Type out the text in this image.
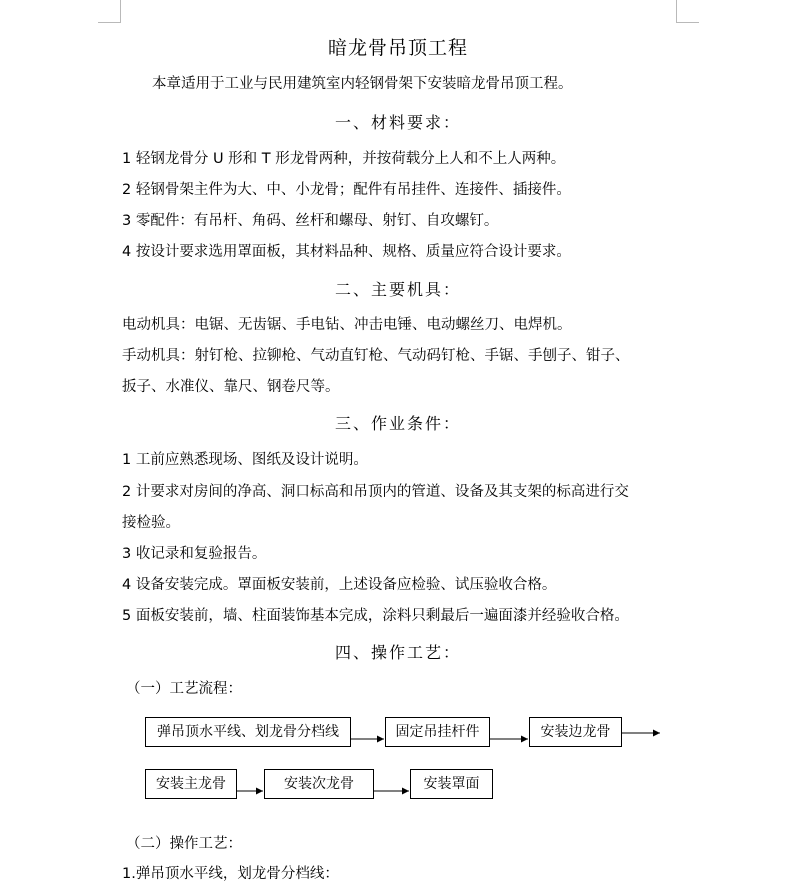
暗龙骨吊顶工程
本章适用于工业与民用建筑室内轻钢骨架下安装暗龙骨吊顶工程。
一、材料要求：
1 轻钢龙骨分 U 形和 T 形龙骨两种，并按荷载分上人和不上人两种。
2 轻钢骨架主件为大、中、小龙骨；配件有吊挂件、连接件、插接件。
3 零配件：有吊杆、角码、丝杆和螺母、射钉、自攻螺钉。
4 按设计要求选用罩面板，其材料品种、规格、质量应符合设计要求。
二、主要机具：
电动机具：电锯、无齿锯、手电钻、冲击电锤、电动螺丝刀、电焊机。
手动机具：射钉枪、拉铆枪、气动直钉枪、气动码钉枪、手锯、手刨子、钳子、
扳子、水准仪、靠尺、钢卷尺等。
三、作业条件：
1 工前应熟悉现场、图纸及设计说明。
2 计要求对房间的净高、洞口标高和吊顶内的管道、设备及其支架的标高进行交
接检验。
3 收记录和复验报告。
4 设备安装完成。罩面板安装前，上述设备应检验、试压验收合格。
5 面板安装前，墙、柱面装饰基本完成，涂料只剩最后一遍面漆并经验收合格。
四、操作工艺：
（一）工艺流程：
弹吊顶水平线、划龙骨分档线	固定吊挂杆件	安装边龙骨
安装主龙骨	安装次龙骨	安装罩面
（二）操作工艺：
1.弹吊顶水平线，划龙骨分档线：
